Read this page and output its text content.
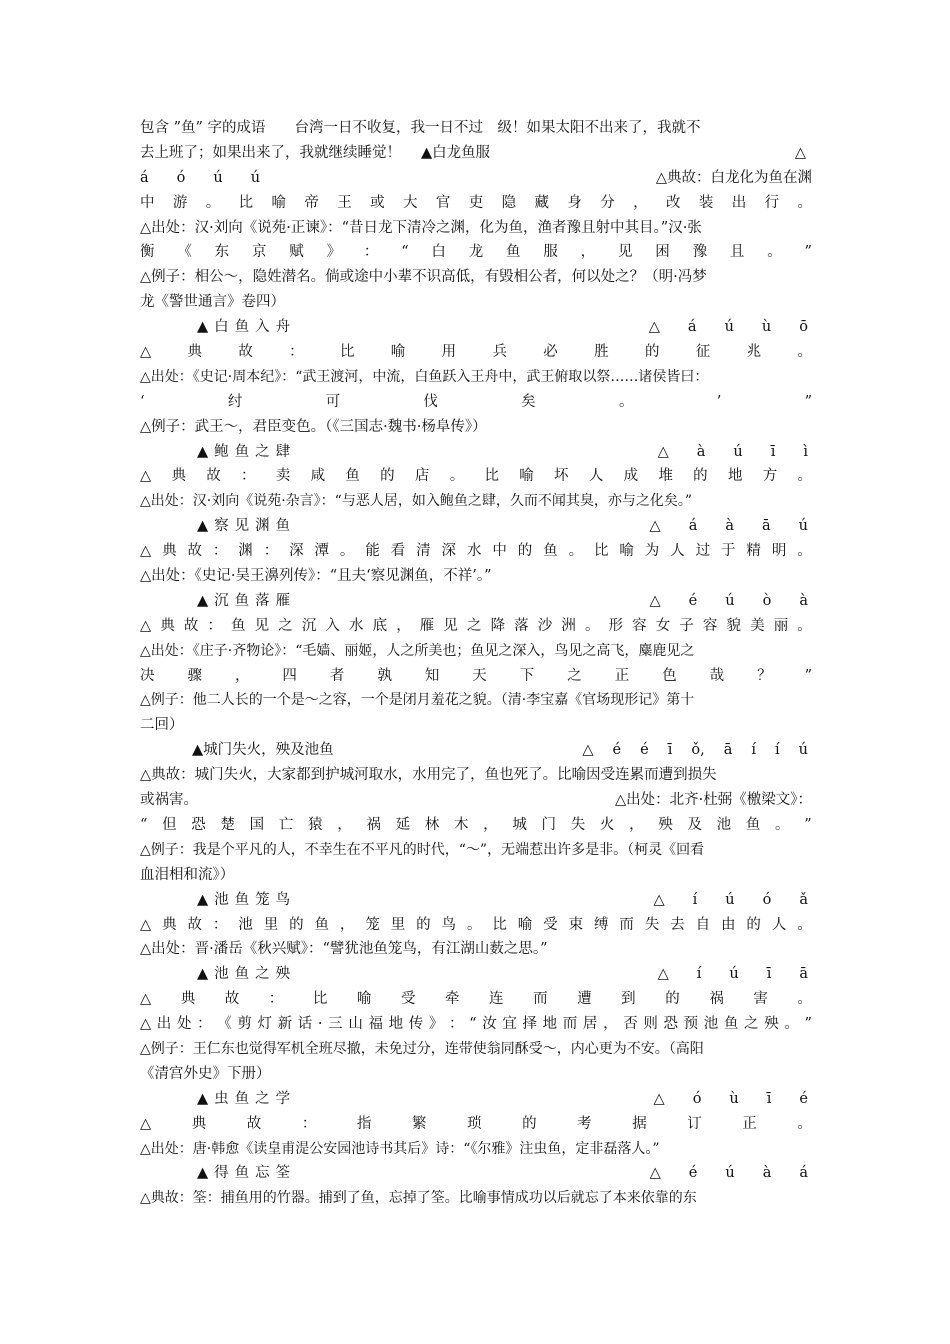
包含 ”鱼” 字的成语　　台湾一日不收复，我一日不过　级！如果太阳不出来了，我就不
去上班了；如果出来了，我就继续睡觉！ ▲白龙鱼服	△
á ó ú ú	△典故：白龙化为鱼在渊
中 游 。 比 喻 帝 王 或 大 官 吏 隐 藏 身 分 ， 改 装 出 行 。
△出处：汉·刘向《说苑·正谏》：“昔日龙下清冷之渊，化为鱼，渔者豫且射中其目。”汉·张
衡 《 东 京 赋 》 ： “ 白 龙 鱼 服 ， 见 困 豫 且 。 ”
△例子：相公～，隐姓潜名。倘或途中小辈不识高低，有毁相公者，何以处之？（明·冯梦
龙《警世通言》卷四）
▲白鱼入舟	△ á ú ù ō
△	典	故	：	比	喻	用	兵	必	胜	的	征	兆	。
△出处：《史记·周本纪》：“武王渡河，中流，白鱼跃入王舟中，武王俯取以祭……诸侯皆曰：
‘	纣	可	伐	矣	。	’	”
△例子：武王～，君臣变色。（《三国志·魏书·杨阜传》）
▲鲍鱼之肆	△ à ú ī ì
△ 典 故 ： 卖 咸 鱼 的 店 。 比 喻 坏 人 成 堆 的 地 方 。
△出处：汉·刘向《说苑·杂言》：“与恶人居，如入鲍鱼之肆，久而不闻其臭，亦与之化矣。”
▲察见渊鱼	△ á à ā ú
△ 典 故 ： 渊 ： 深 潭 。 能 看 清 深 水 中 的 鱼 。 比 喻 为 人 过 于 精 明 。
△出处：《史记·吴王濞列传》：“且夫‘察见渊鱼，不祥’。”
▲沉鱼落雁	△ é ú ò à
△ 典 故 ： 鱼 见 之 沉 入 水 底 ， 雁 见 之 降 落 沙 洲 。 形 容 女 子 容 貌 美 丽 。
△出处：《庄子·齐物论》：“毛嫱、丽姬，人之所美也；鱼见之深入，鸟见之高飞，麋鹿见之
决 骤 ， 四 者 孰 知 天 下 之 正 色 哉 ？ ”
△例子：他二人长的一个是～之容，一个是闭月羞花之貌。（清·李宝嘉《官场现形记》第十
二回）
▲城门失火，殃及池鱼	△ é é ī ǒ, ā í í ú
△典故：城门失火，大家都到护城河取水，水用完了，鱼也死了。比喻因受连累而遭到损失
或祸害。	△出处：北齐·杜弼《檄梁文》：
“ 但 恐 楚 国 亡 猿 ， 祸 延 林 木 ， 城 门 失 火 ， 殃 及 池 鱼 。 ”
△例子：我是个平凡的人，不幸生在不平凡的时代，“～”，无端惹出许多是非。（柯灵《回看
血泪相和流》）
▲池鱼笼鸟	△ í ú ó ǎ
△ 典 故 ： 池 里 的 鱼 ， 笼 里 的 鸟 。 比 喻 受 束 缚 而 失 去 自 由 的 人 。
△出处：晋·潘岳《秋兴赋》：“譬犹池鱼笼鸟，有江湖山薮之思。”
▲池鱼之殃	△ í ú ī ā
△ 典 故 ： 比 喻 受 牵 连 而 遭 到 的 祸 害 。
△ 出 处 ： 《 剪 灯 新 话 · 三 山 福 地 传 》 ： “ 汝 宜 择 地 而 居 ， 否 则 恐 预 池 鱼 之 殃 。 ”
△例子：王仁东也觉得军机全班尽撤，未免过分，连带使翁同酥受～，内心更为不安。（高阳
《清宫外史》下册）
▲虫鱼之学	△ ó ù ī é
△	典	故	：	指	繁	琐	的	考	据	订	正	。
△出处：唐·韩愈《读皇甫湜公安园池诗书其后》诗：“《尔雅》注虫鱼，定非磊落人。”
▲得鱼忘筌	△ é ú à á
△典故：筌：捕鱼用的竹器。捕到了鱼，忘掉了筌。比喻事情成功以后就忘了本来依靠的东
